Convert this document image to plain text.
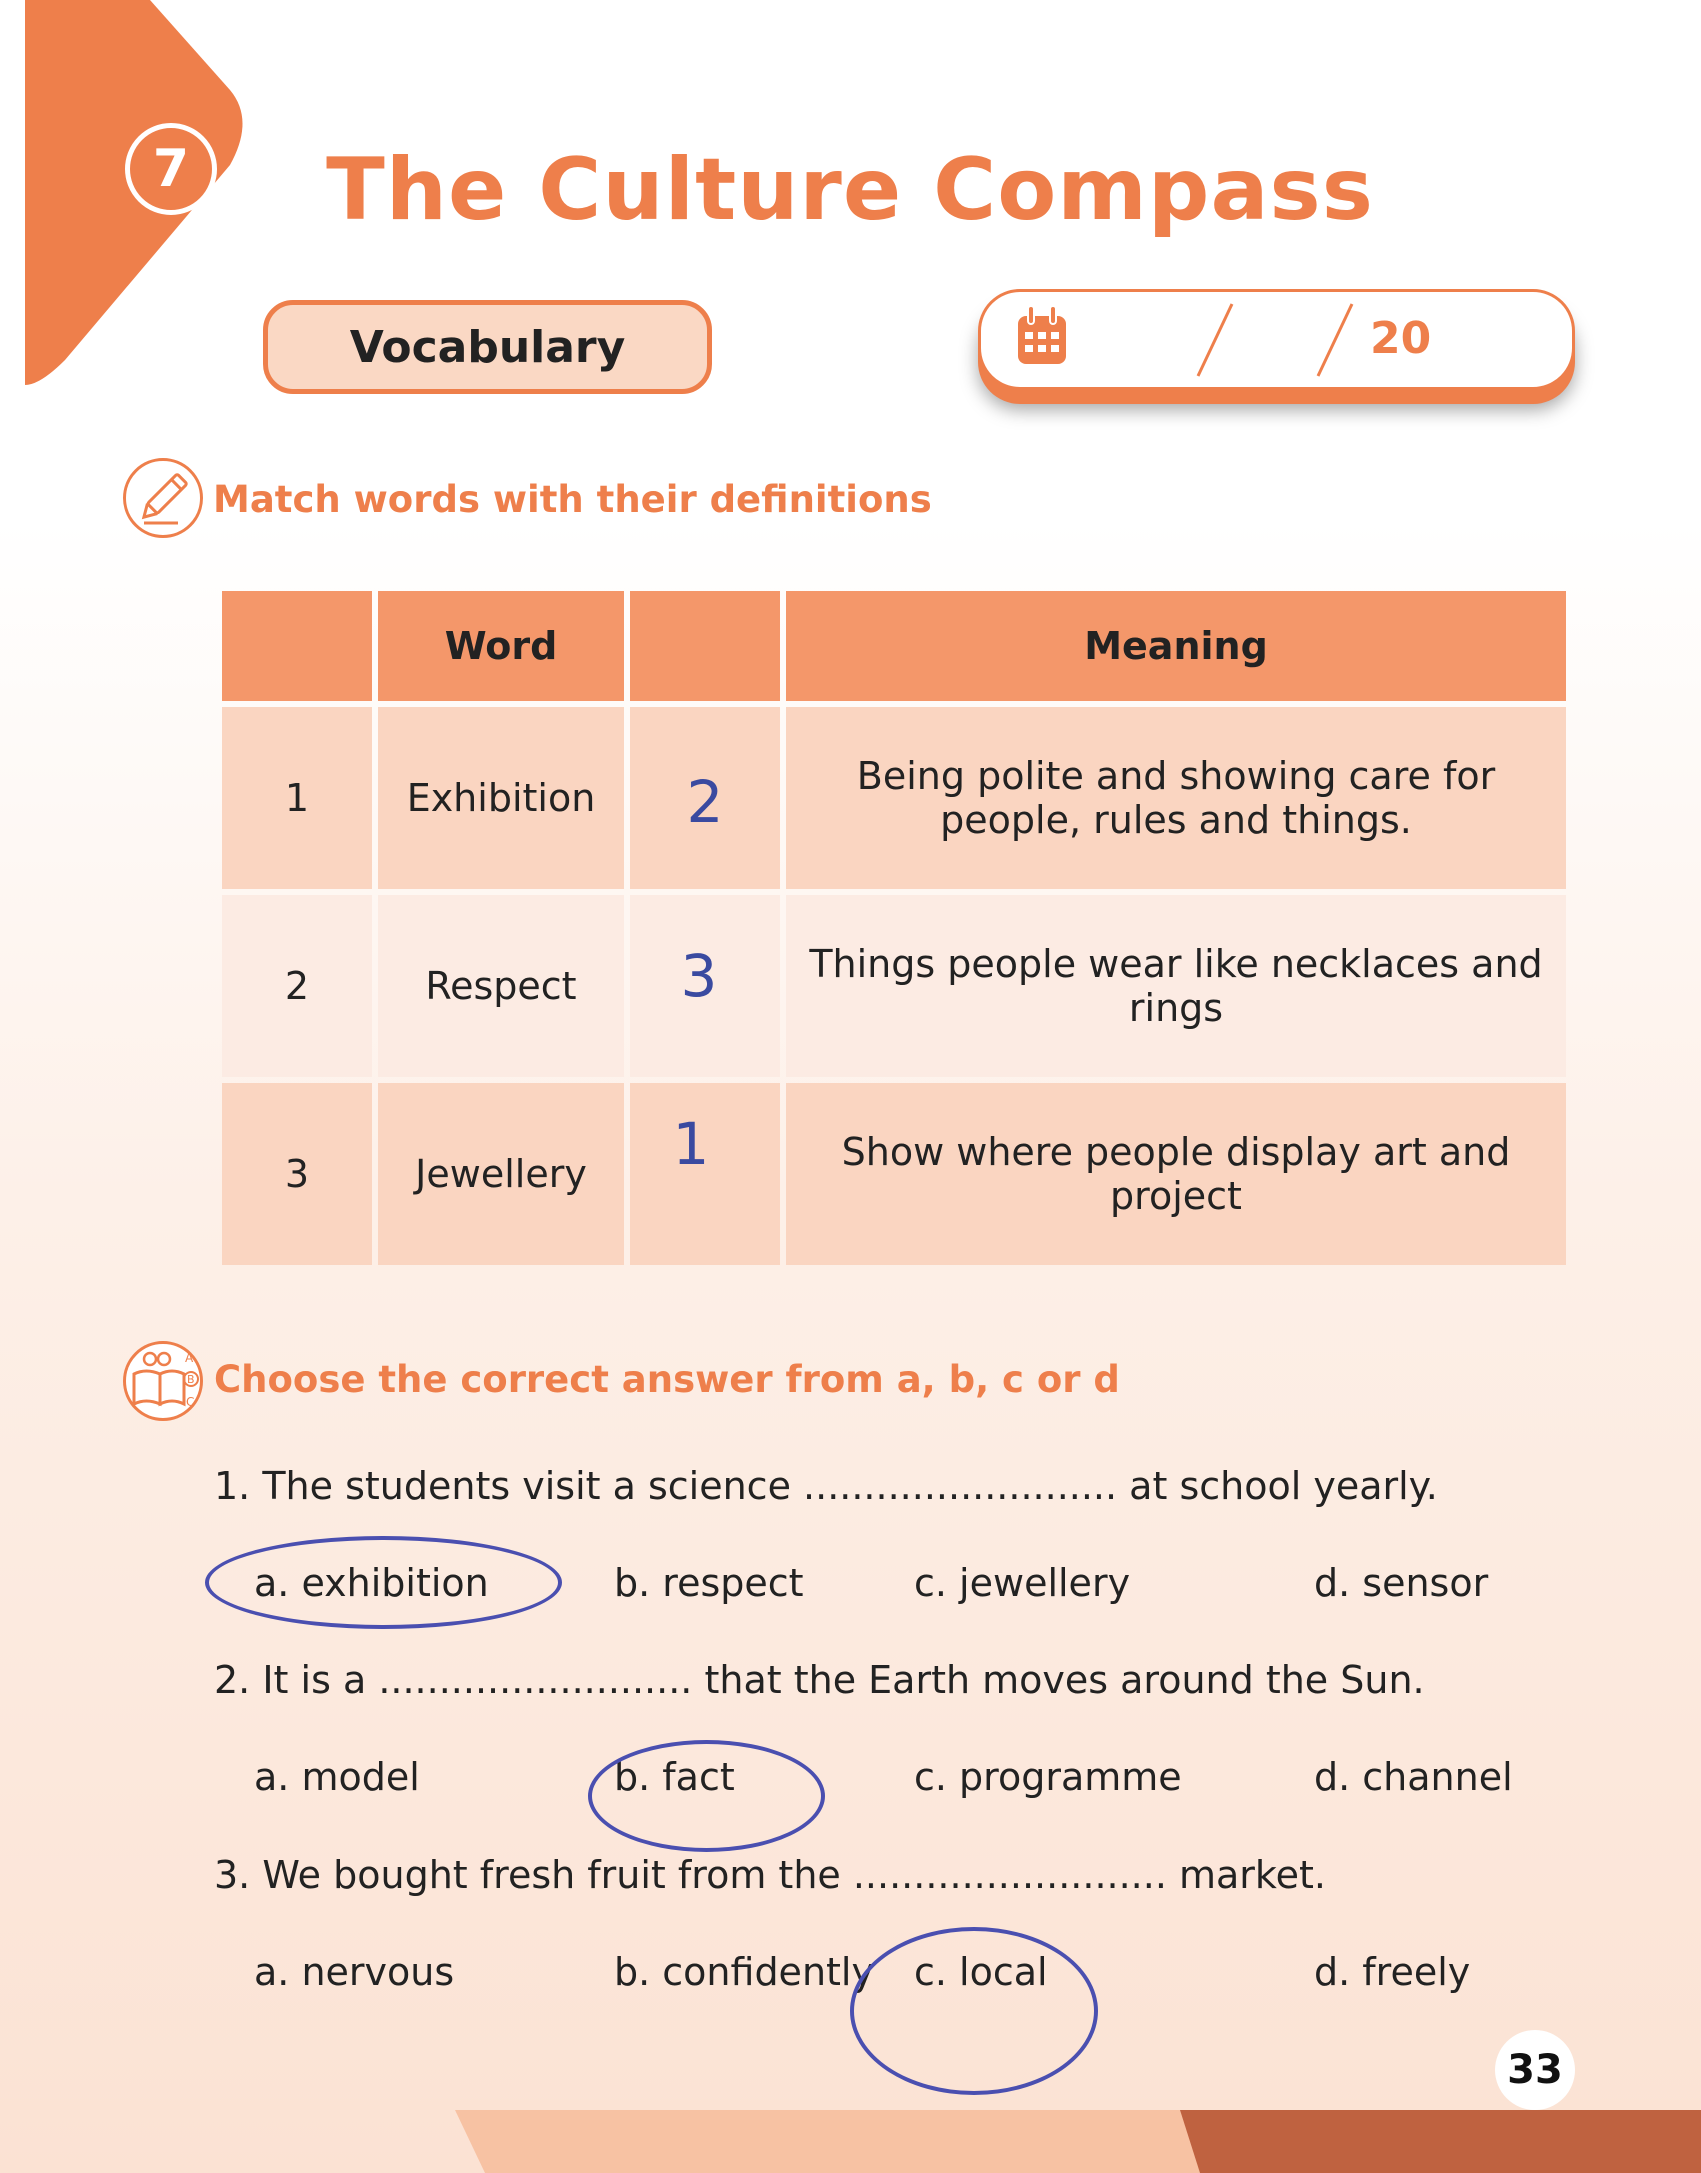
7	The Culture Compass
Vocabulary	20
Match words with their definitions
	Word		Meaning
1	Exhibition	2	Being polite and showing care for people, rules and things.
2	Respect	3	Things people wear like necklaces and rings
3	Jewellery	1	Show where people display art and project
A
B
C
Choose the correct answer from a, b, c or d
1. The students visit a science .......................... at school yearly.
a. exhibition	b. respect	c. jewellery	d. sensor
2. It is a .......................... that the Earth moves around the Sun.
a. model	b. fact	c. programme	d. channel
3. We bought fresh fruit from the .......................... market.
a. nervous	b. confidently c. local	d. freely
33
